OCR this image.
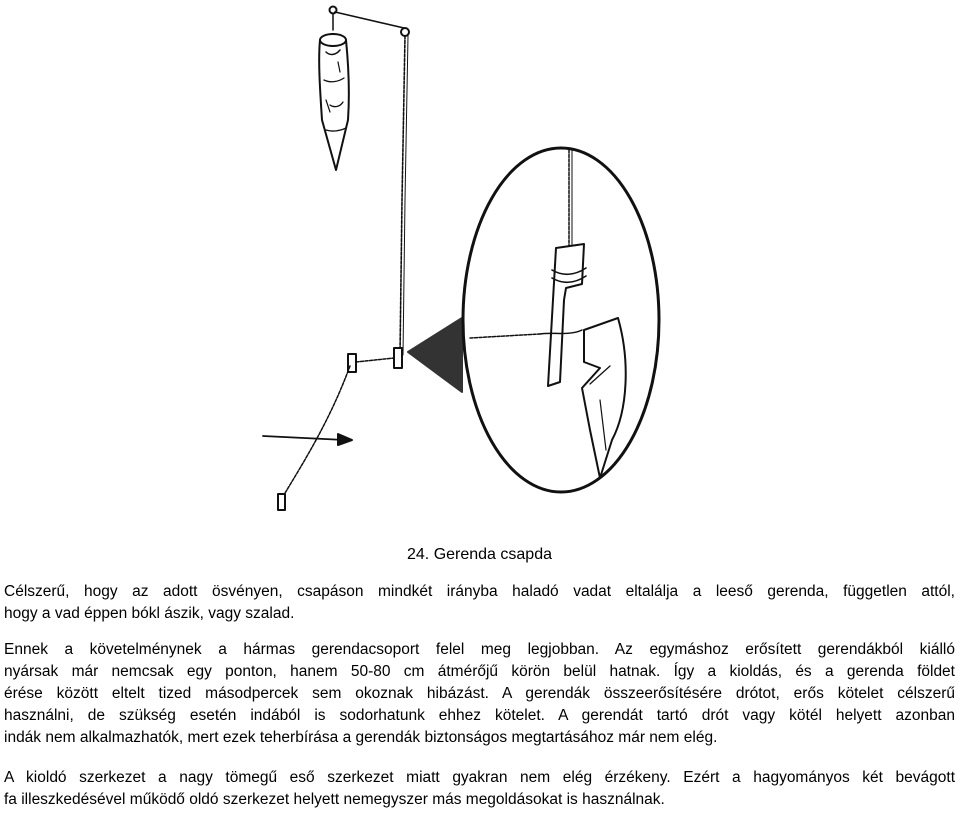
24. Gerenda csapda

Célszerű, hogy az adott ösvényen, csapáson mindkét irányba haladó vadat eltalálja a leeső gerenda, független attól,
hogy a vad éppen bókl ászik, vagy szalad.

Ennek a követelménynek a hármas gerendacsoport felel meg legjobban. Az egymáshoz erősített gerendákból kiálló
nyársak már nemcsak egy ponton, hanem 50-80 cm átmérőjű körön belül hatnak. Így a kioldás, és a gerenda földet
érése között eltelt tized másodpercek sem okoznak hibázást. A gerendák összeerősítésére drótot, erős kötelet célszerű
használni, de szükség esetén indából is sodorhatunk ehhez kötelet. A gerendát tartó drót vagy kötél helyett azonban
indák nem alkalmazhatók, mert ezek teherbírása a gerendák biztonságos megtartásához már nem elég.

A kioldó szerkezet a nagy tömegű eső szerkezet miatt gyakran nem elég érzékeny. Ezért a hagyományos két bevágott
fa illeszkedésével működő oldó szerkezet helyett nemegyszer más megoldásokat is használnak.
